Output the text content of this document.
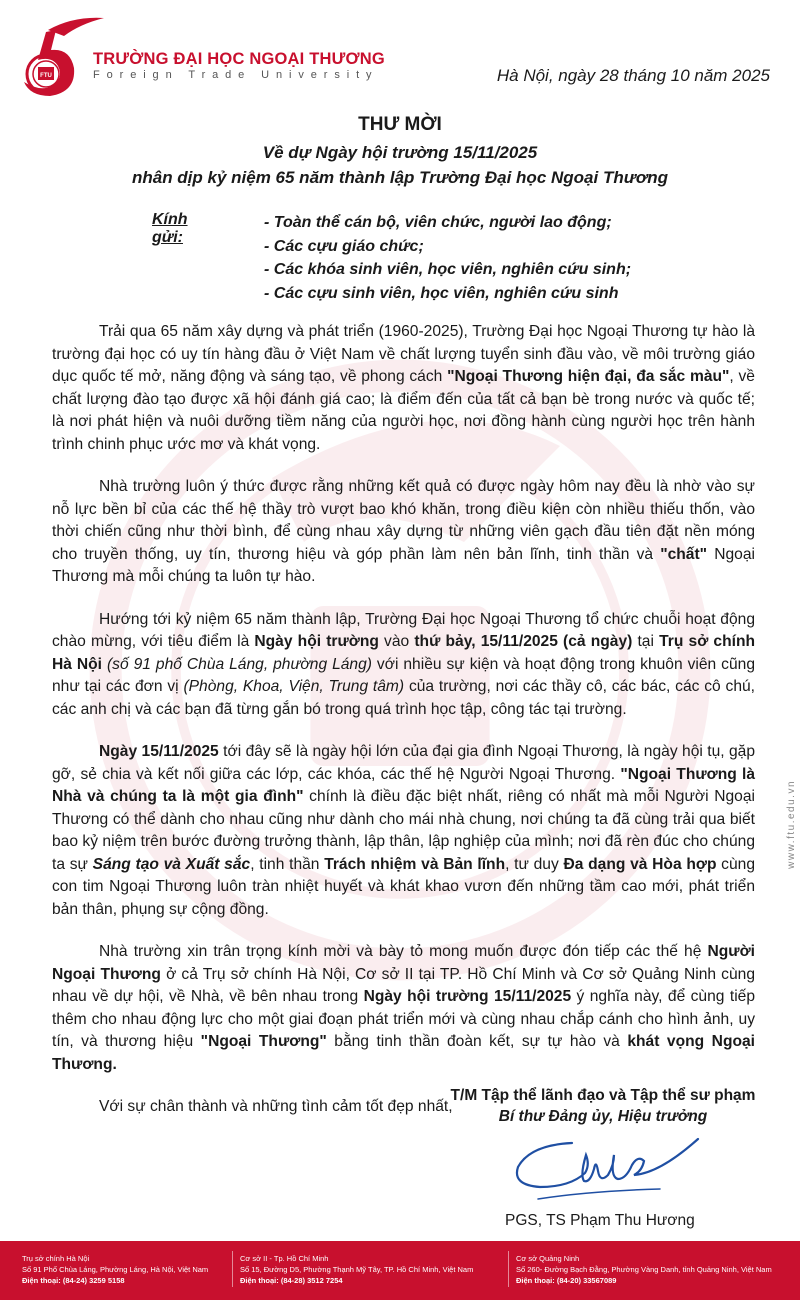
FTU
TRƯỜNG ĐẠI HỌC NGOẠI THƯƠNG
Foreign Trade University	Hà Nội, ngày 28 tháng 10 năm 2025
THƯ MỜI
Về dự Ngày hội trường 15/11/2025
nhân dịp kỷ niệm 65 năm thành lập Trường Đại học Ngoại Thương
Kính gửi:
- Toàn thể cán bộ, viên chức, người lao động;
- Các cựu giáo chức;
- Các khóa sinh viên, học viên, nghiên cứu sinh;
- Các cựu sinh viên, học viên, nghiên cứu sinh

Trải qua 65 năm xây dựng và phát triển (1960-2025), Trường Đại học Ngoại Thương tự hào là trường đại học có uy tín hàng đầu ở Việt Nam về chất lượng tuyển sinh đầu vào, về môi trường giáo dục quốc tế mở, năng động và sáng tạo, về phong cách "Ngoại Thương hiện đại, đa sắc màu", về chất lượng đào tạo được xã hội đánh giá cao; là điểm đến của tất cả bạn bè trong nước và quốc tế; là nơi phát hiện và nuôi dưỡng tiềm năng của người học, nơi đồng hành cùng người học trên hành trình chinh phục ước mơ và khát vọng.

Nhà trường luôn ý thức được rằng những kết quả có được ngày hôm nay đều là nhờ vào sự nỗ lực bền bỉ của các thế hệ thầy trò vượt bao khó khăn, trong điều kiện còn nhiều thiếu thốn, vào thời chiến cũng như thời bình, để cùng nhau xây dựng từ những viên gạch đầu tiên đặt nền móng cho truyền thống, uy tín, thương hiệu và góp phần làm nên bản lĩnh, tinh thần và "chất" Ngoại Thương mà mỗi chúng ta luôn tự hào.

Hướng tới kỷ niệm 65 năm thành lập, Trường Đại học Ngoại Thương tổ chức chuỗi hoạt động chào mừng, với tiêu điểm là Ngày hội trường vào thứ bảy, 15/11/2025 (cả ngày) tại Trụ sở chính Hà Nội (số 91 phố Chùa Láng, phường Láng) với nhiều sự kiện và hoạt động trong khuôn viên cũng như tại các đơn vị (Phòng, Khoa, Viện, Trung tâm) của trường, nơi các thầy cô, các bác, các cô chú, các anh chị và các bạn đã từng gắn bó trong quá trình học tập, công tác tại trường.

Ngày 15/11/2025 tới đây sẽ là ngày hội lớn của đại gia đình Ngoại Thương, là ngày hội tụ, gặp gỡ, sẻ chia và kết nối giữa các lớp, các khóa, các thế hệ Người Ngoại Thương. "Ngoại Thương là Nhà và chúng ta là một gia đình" chính là điều đặc biệt nhất, riêng có nhất mà mỗi Người Ngoại Thương có thể dành cho nhau cũng như dành cho mái nhà chung, nơi chúng ta đã cùng trải qua biết bao kỷ niệm trên bước đường trưởng thành, lập thân, lập nghiệp của mình; nơi đã rèn đúc cho chúng ta sự Sáng tạo và Xuất sắc, tinh thần Trách nhiệm và Bản lĩnh, tư duy Đa dạng và Hòa hợp cùng con tim Ngoại Thương luôn tràn nhiệt huyết và khát khao vươn đến những tầm cao mới, phát triển bản thân, phụng sự cộng đồng.

Nhà trường xin trân trọng kính mời và bày tỏ mong muốn được đón tiếp các thế hệ Người Ngoại Thương ở cả Trụ sở chính Hà Nội, Cơ sở II tại TP. Hồ Chí Minh và Cơ sở Quảng Ninh cùng nhau về dự hội, về Nhà, về bên nhau trong Ngày hội trường 15/11/2025 ý nghĩa này, để cùng tiếp thêm cho nhau động lực cho một giai đoạn phát triển mới và cùng nhau chắp cánh cho hình ảnh, uy tín, và thương hiệu "Ngoại Thương" bằng tinh thần đoàn kết, sự tự hào và khát vọng Ngoại Thương.

Với sự chân thành và những tình cảm tốt đẹp nhất,

T/M Tập thể lãnh đạo và Tập thể sư phạm
Bí thư Đảng ủy, Hiệu trưởng
PGS, TS Phạm Thu Hương
www.ftu.edu.vn
Trụ sở chính Hà Nội
Số 91 Phố Chùa Láng, Phường Láng, Hà Nội, Việt Nam
Điện thoại: (84-24) 3259 5158
Cơ sở II - Tp. Hồ Chí Minh
Số 15, Đường D5, Phường Thạnh Mỹ Tây, TP. Hồ Chí Minh, Việt Nam
Điện thoại: (84-28) 3512 7254
Cơ sở Quảng Ninh
Số 260- Đường Bạch Đằng, Phường Vàng Danh, tỉnh Quảng Ninh, Việt Nam
Điện thoại: (84-20) 33567089
